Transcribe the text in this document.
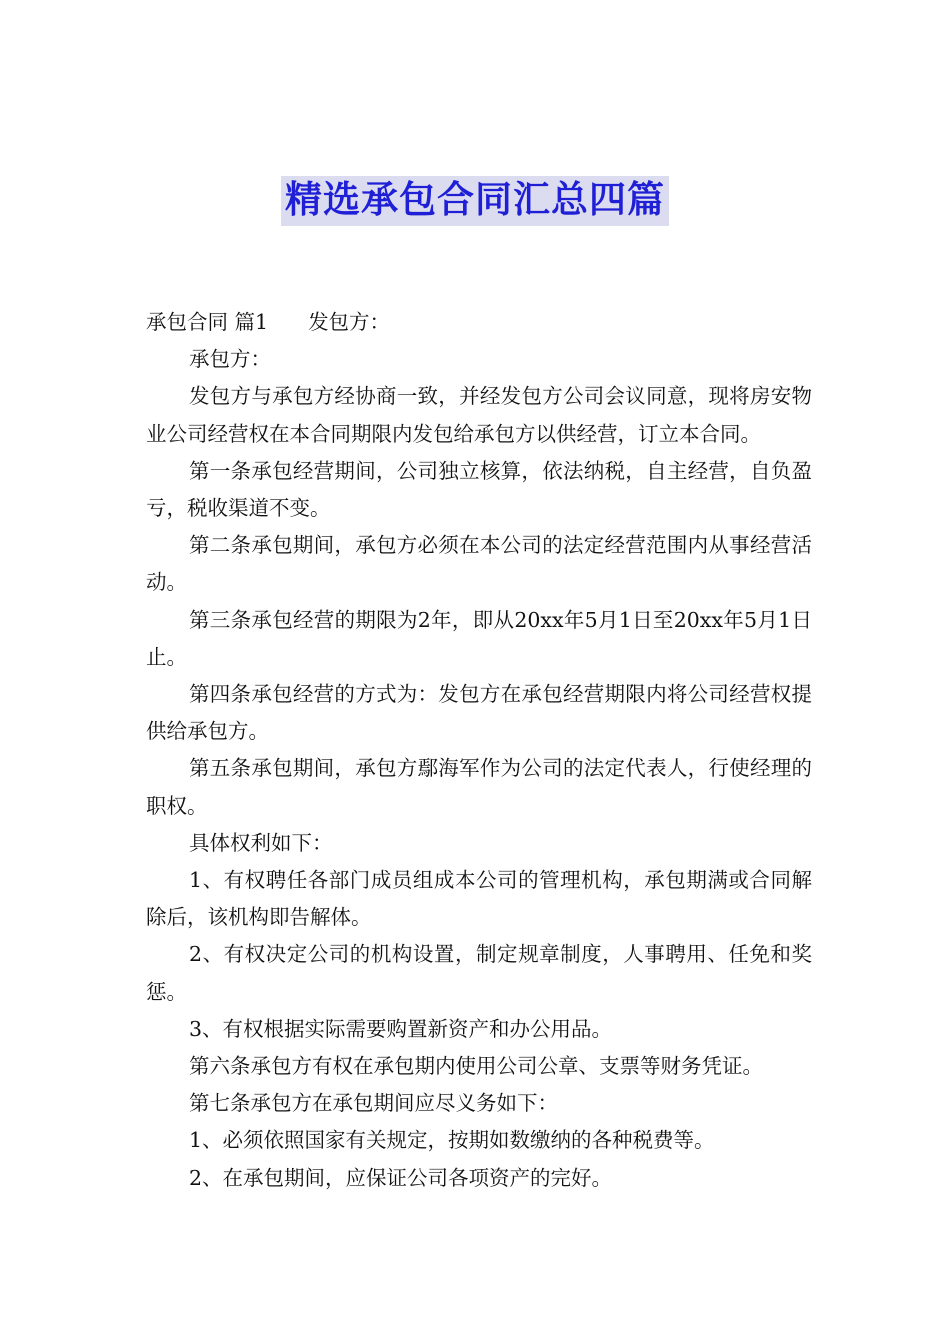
精选承包合同汇总四篇

承包合同 篇1 发包方：

承包方：

发包方与承包方经协商一致，并经发包方公司会议同意，现将房安物业公司经营权在本合同期限内发包给承包方以供经营，订立本合同。

第一条承包经营期间，公司独立核算，依法纳税，自主经营，自负盈亏，税收渠道不变。

第二条承包期间，承包方必须在本公司的法定经营范围内从事经营活动。

第三条承包经营的期限为2年，即从20xx年5月1日至20xx年5月1日止。

第四条承包经营的方式为：发包方在承包经营期限内将公司经营权提供给承包方。

第五条承包期间，承包方鄢海军作为公司的法定代表人，行使经理的职权。

具体权利如下：

1、有权聘任各部门成员组成本公司的管理机构，承包期满或合同解除后，该机构即告解体。

2、有权决定公司的机构设置，制定规章制度，人事聘用、任免和奖惩。

3、有权根据实际需要购置新资产和办公用品。

第六条承包方有权在承包期内使用公司公章、支票等财务凭证。

第七条承包方在承包期间应尽义务如下：

1、必须依照国家有关规定，按期如数缴纳的各种税费等。

2、在承包期间，应保证公司各项资产的完好。
